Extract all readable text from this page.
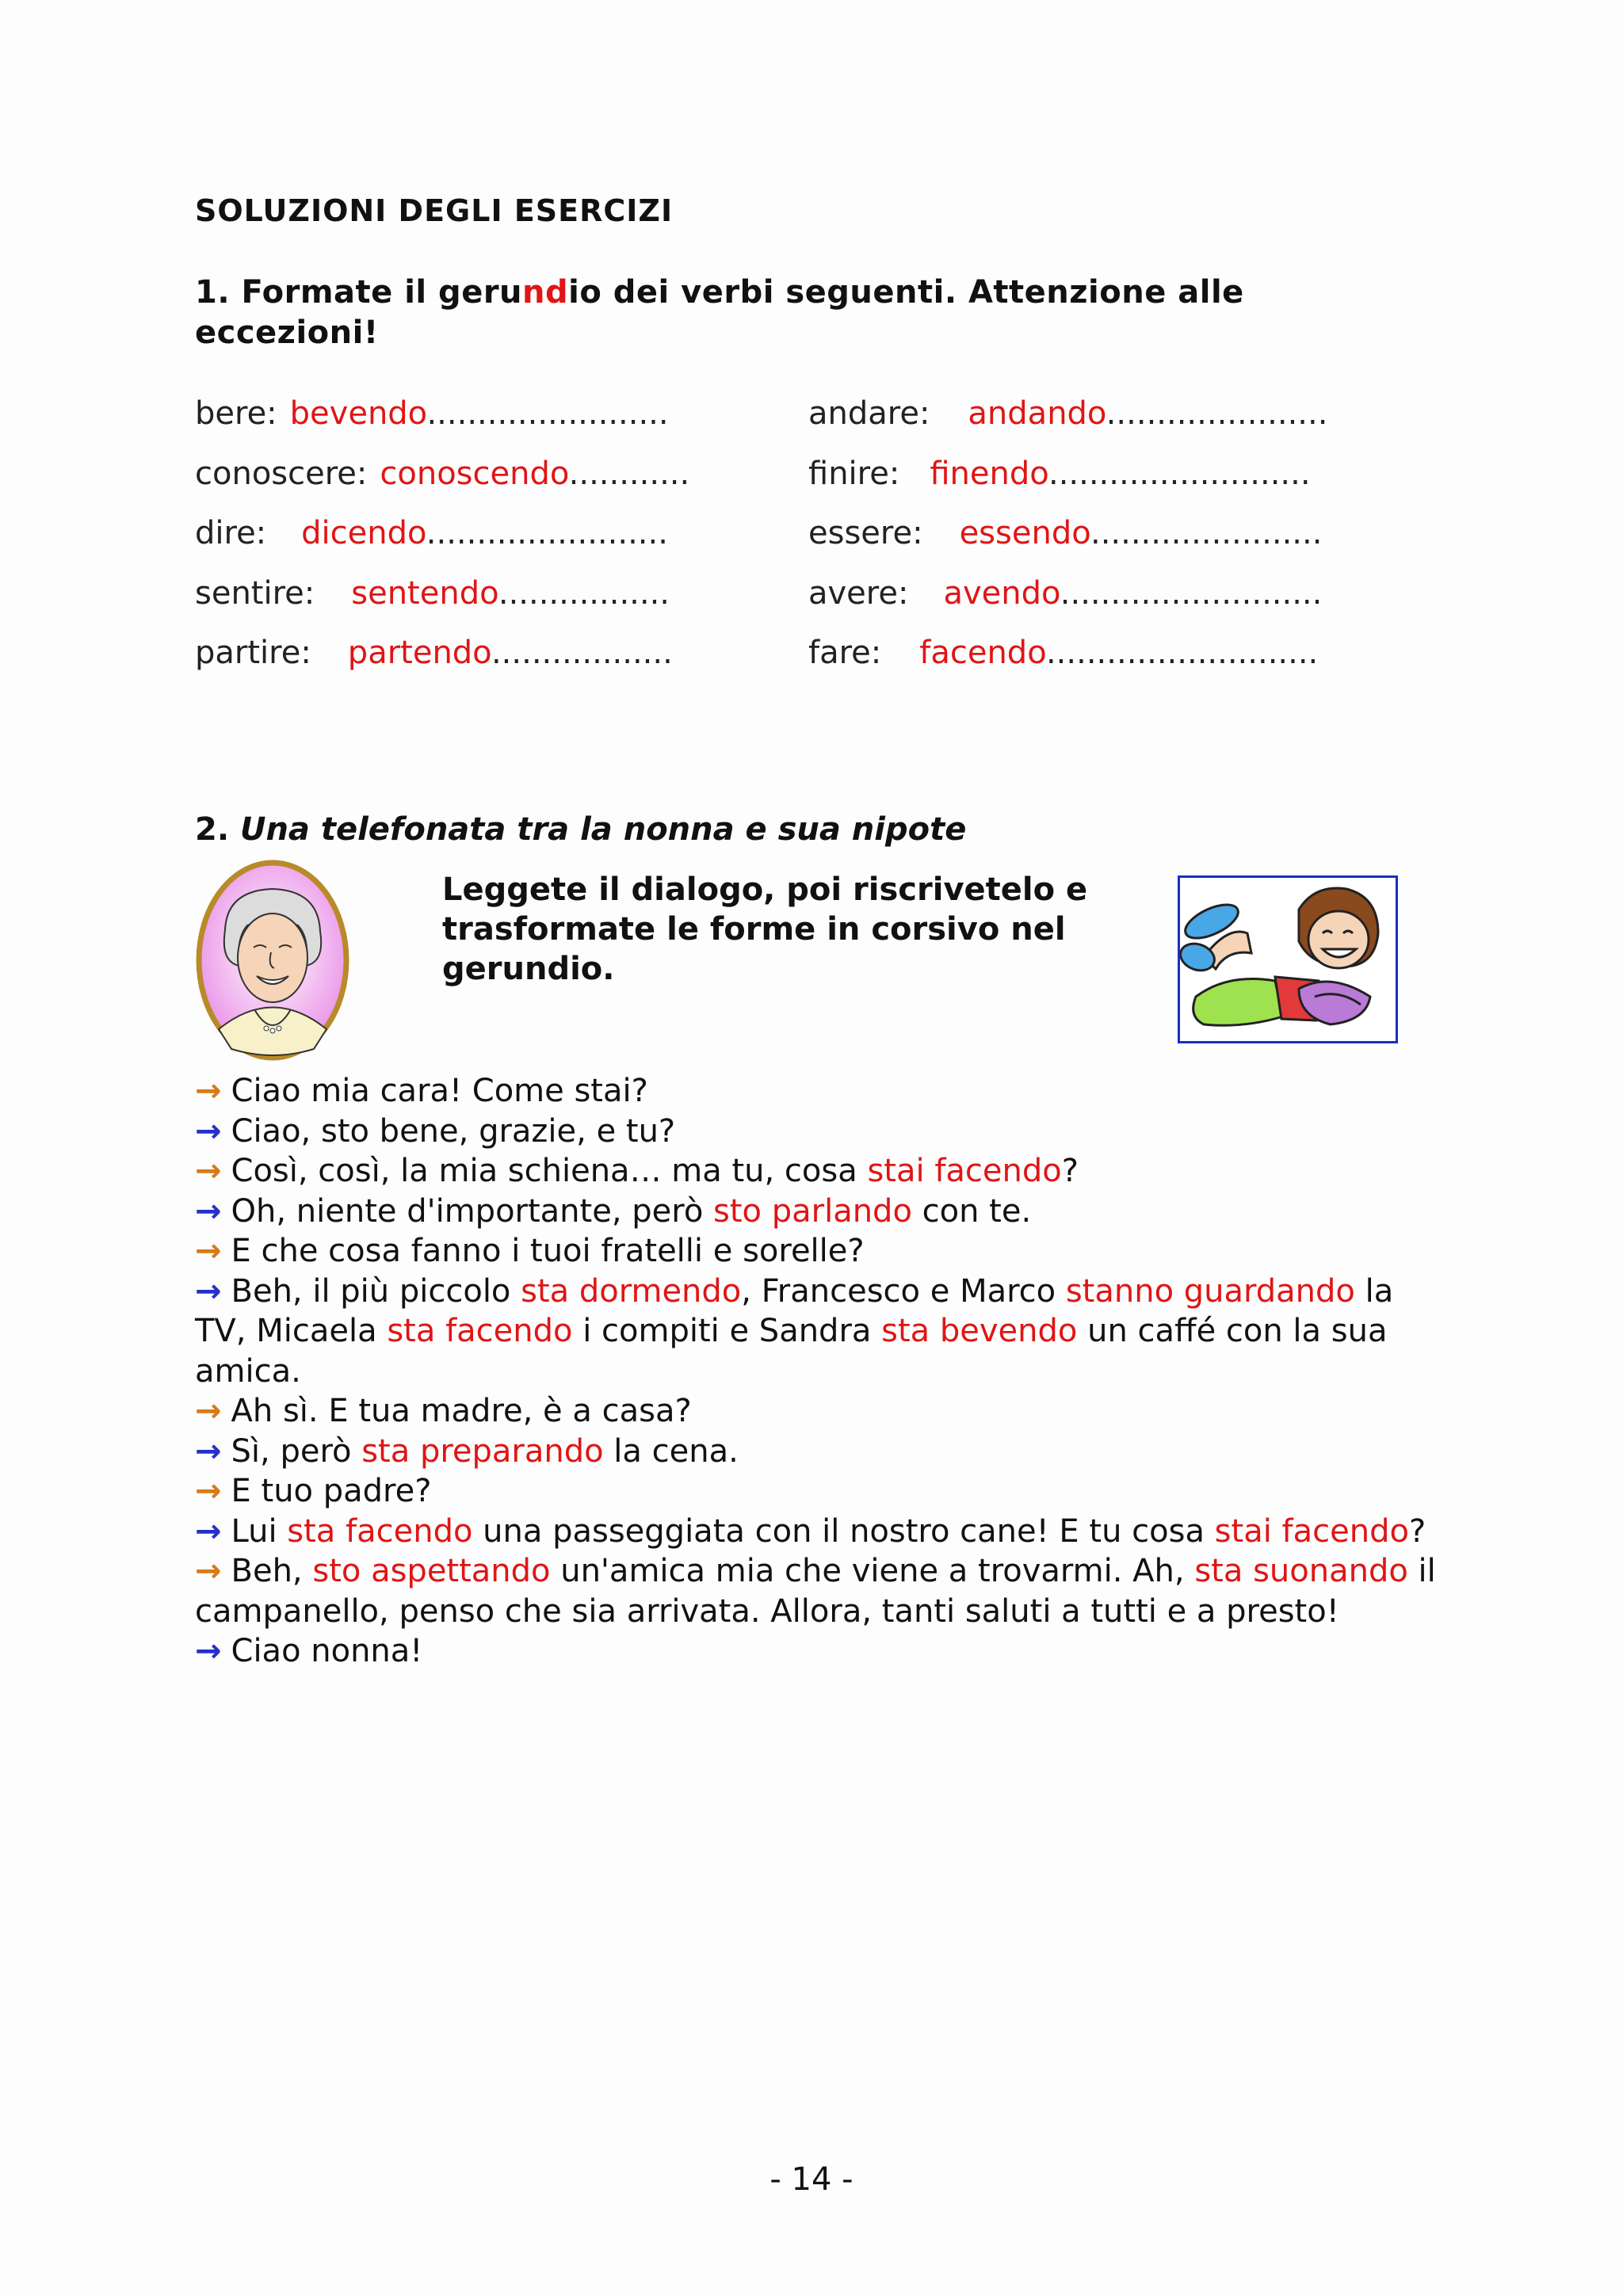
SOLUZIONI DEGLI ESERCIZI
1. Formate il gerundio dei verbi seguenti. Attenzione alle eccezioni!
bere: bevendo........................	andare: andando......................
conoscere: conoscendo............	finire: finendo..........................
dire: dicendo........................	essere: essendo.......................
sentire: sentendo.................	avere: avendo..........................
partire: partendo..................	fare: facendo...........................
2. Una telefonata tra la nonna e sua nipote
Leggete il dialogo, poi riscrivetelo e trasformate le forme in corsivo nel gerundio.

→ Ciao mia cara! Come stai?

→ Ciao, sto bene, grazie, e tu?

→ Così, così, la mia schiena… ma tu, cosa stai facendo?

→ Oh, niente d'importante, però sto parlando con te.

→ E che cosa fanno i tuoi fratelli e sorelle?

→ Beh, il più piccolo sta dormendo, Francesco e Marco stanno guardando la TV, Micaela sta facendo i compiti e Sandra sta bevendo un caffé con la sua amica.

→ Ah sì. E tua madre, è a casa?

→ Sì, però sta preparando la cena.

→ E tuo padre?

→ Lui sta facendo una passeggiata con il nostro cane! E tu cosa stai facendo?

→ Beh, sto aspettando un'amica mia che viene a trovarmi. Ah, sta suonando il campanello, penso che sia arrivata. Allora, tanti saluti a tutti e a presto!

→ Ciao nonna!

- 14 -
